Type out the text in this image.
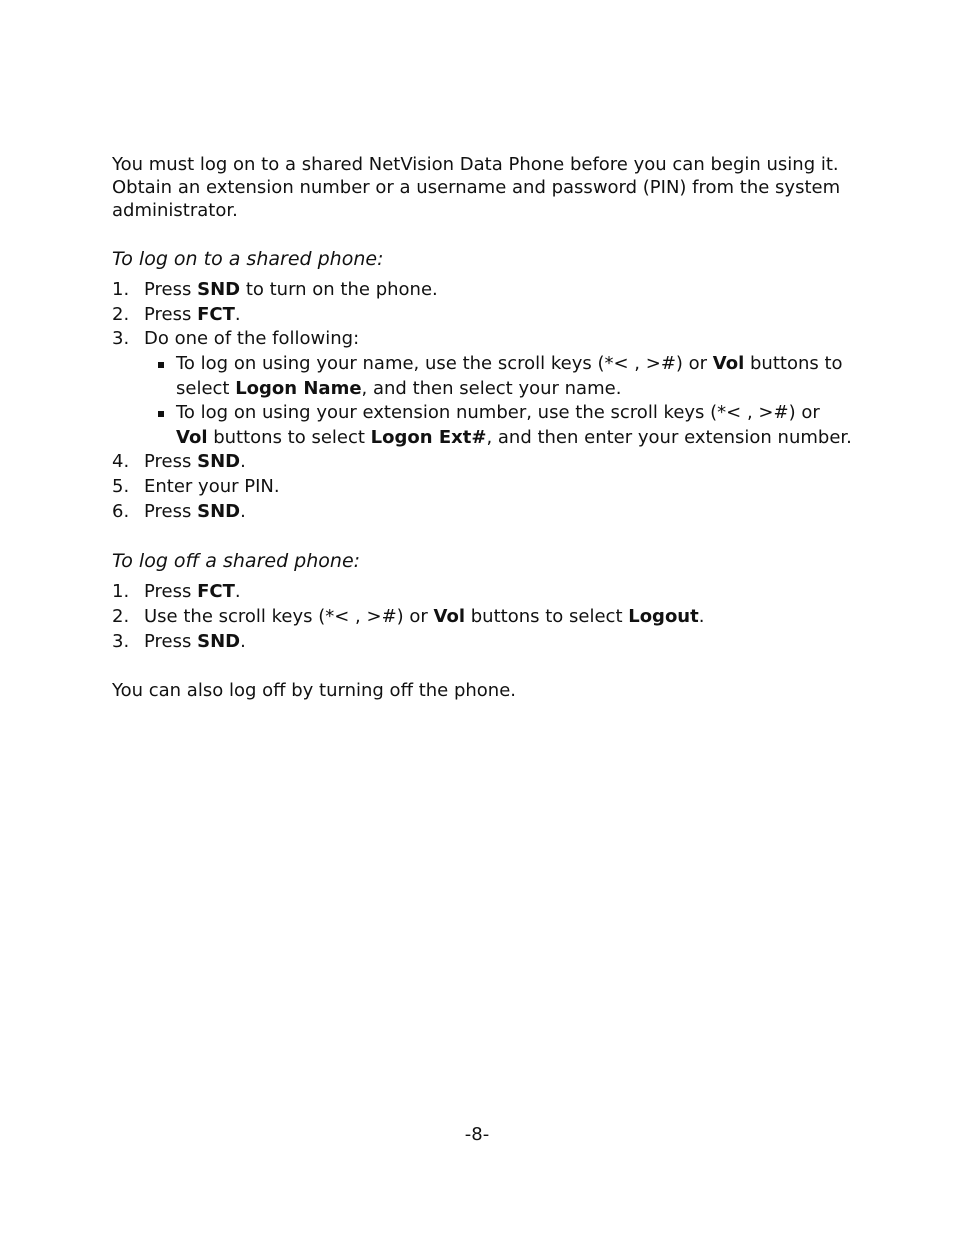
You must log on to a shared NetVision Data Phone before you can begin using it. Obtain an extension number or a username and password (PIN) from the system administrator.

To log on to a shared phone:
1. Press SND to turn on the phone.
2. Press FCT.
3. Do one of the following:
To log on using your name, use the scroll keys (*< , >#) or Vol buttons to select Logon Name, and then select your name.
To log on using your extension number, use the scroll keys (*< , >#) or Vol buttons to select Logon Ext#, and then enter your extension number.
4. Press SND.
5. Enter your PIN.
6. Press SND.
To log off a shared phone:
1. Press FCT.
2. Use the scroll keys (*< , >#) or Vol buttons to select Logout.
3. Press SND.

You can also log off by turning off the phone.

-8-
